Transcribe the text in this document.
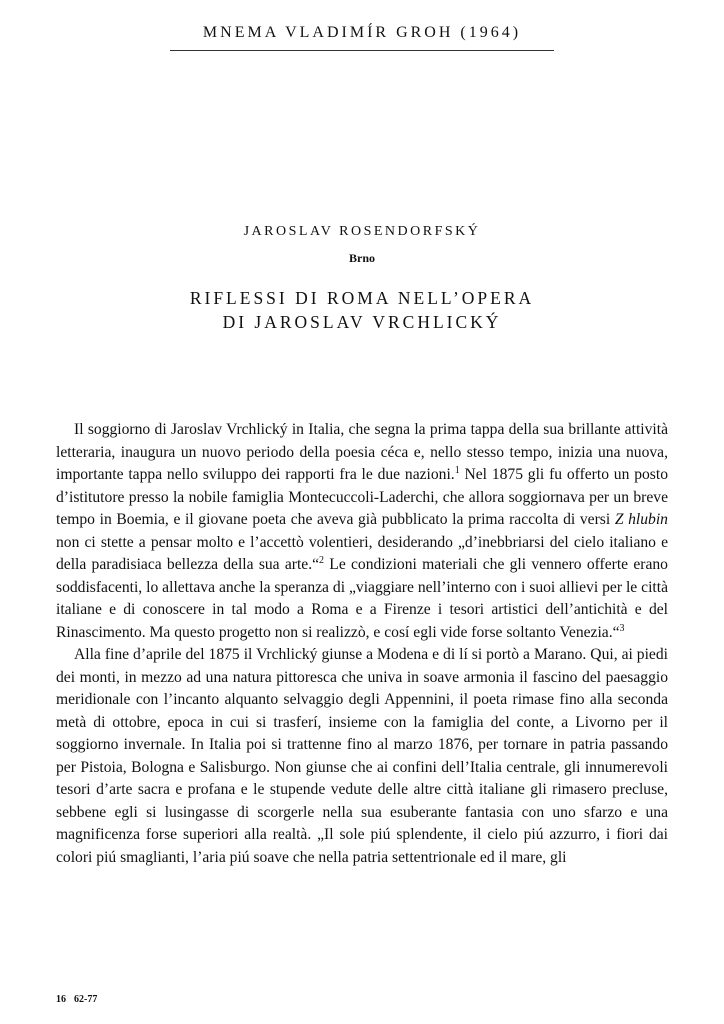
MNEMA VLADIMÍR GROH (1964)
JAROSLAV ROSENDORFSKÝ
Brno
RIFLESSI DI ROMA NELL’OPERA
DI JAROSLAV VRCHLICKÝ

Il soggiorno di Jaroslav Vrchlický in Italia, che segna la prima tappa della sua brillante attività letteraria, inaugura un nuovo periodo della poesia céca e, nello stesso tempo, inizia una nuova, importante tappa nello sviluppo dei rapporti fra le due nazioni.$^1$ Nel 1875 gli fu offerto un posto d’istitutore presso la nobile famiglia Montecuccoli-Laderchi, che allora soggiornava per un breve tempo in Boemia, e il giovane poeta che aveva già pubblicato la prima raccolta di versi Z hlubin non ci stette a pensar molto e l’accettò volentieri, desiderando „d’inebbriarsi del cielo italiano e della paradisiaca bellezza della sua arte.“$^2$ Le condizioni materiali che gli vennero offerte erano soddisfacenti, lo allettava anche la speranza di „viaggiare nell’interno con i suoi allievi per le città italiane e di conoscere in tal modo a Roma e a Firenze i tesori artistici dell’antichità e del Rinascimento. Ma questo progetto non si realizzò, e cosí egli vide forse soltanto Venezia.“$^3$

Alla fine d’aprile del 1875 il Vrchlický giunse a Modena e di lí si portò a Marano. Qui, ai piedi dei monti, in mezzo ad una natura pittoresca che univa in soave armonia il fascino del paesaggio meridionale con l’incanto alquanto selvaggio degli Appennini, il poeta rimase fino alla seconda metà di ottobre, epoca in cui si trasferí, insieme con la famiglia del conte, a Livorno per il soggiorno invernale. In Italia poi si trattenne fino al marzo 1876, per tornare in patria passando per Pistoia, Bologna e Salisburgo. Non giunse che ai confini dell’Italia centrale, gli innumerevoli tesori d’arte sacra e profana e le stupende vedute delle altre città italiane gli rimasero precluse, sebbene egli si lusingasse di scorgerle nella sua esuberante fantasia con uno sfarzo e una magnificenza forse superiori alla realtà. „Il sole piú splendente, il cielo piú azzurro, i fiori dai colori piú smaglianti, l’aria piú soave che nella patria settentrionale ed il mare, gli

16 62-77
